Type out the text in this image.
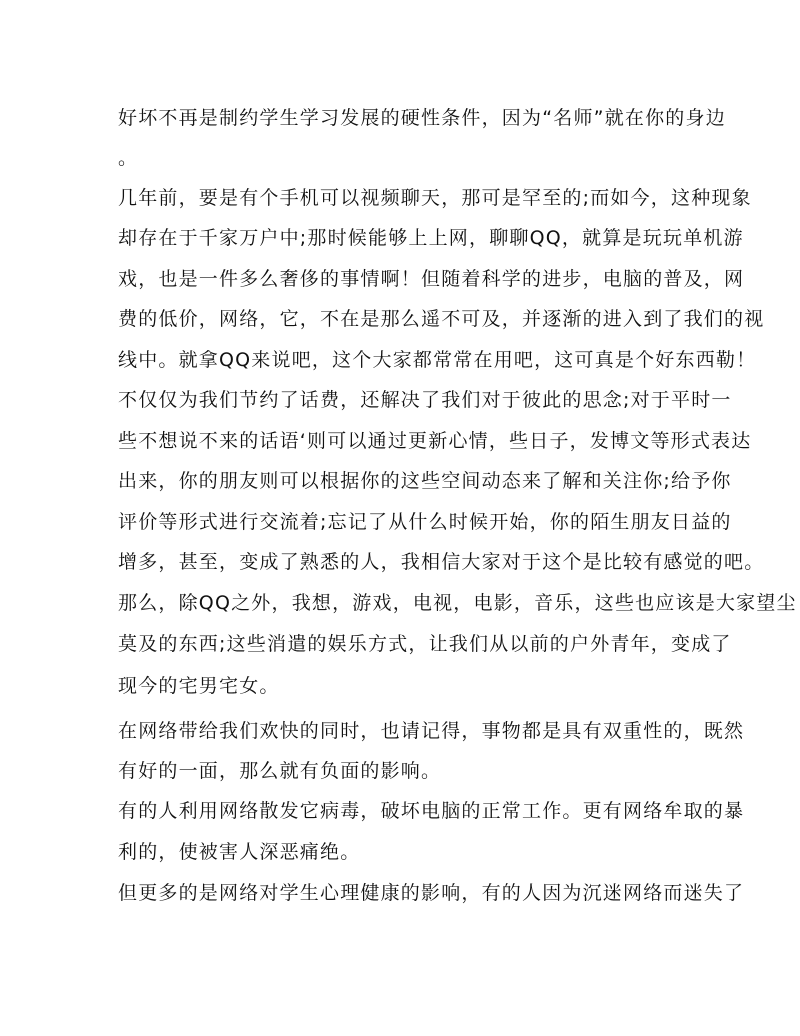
好坏不再是制约学生学习发展的硬性条件，因为“名师”就在你的身边
。
几年前，要是有个手机可以视频聊天，那可是罕至的;而如今，这种现象
却存在于千家万户中;那时候能够上上网，聊聊QQ，就算是玩玩单机游
戏，也是一件多么奢侈的事情啊！但随着科学的进步，电脑的普及，网
费的低价，网络，它，不在是那么遥不可及，并逐渐的进入到了我们的视
线中。就拿QQ来说吧，这个大家都常常在用吧，这可真是个好东西勒！
不仅仅为我们节约了话费，还解决了我们对于彼此的思念;对于平时一
些不想说不来的话语‘则可以通过更新心情，些日子，发博文等形式表达
出来，你的朋友则可以根据你的这些空间动态来了解和关注你;给予你
评价等形式进行交流着;忘记了从什么时候开始，你的陌生朋友日益的
增多，甚至，变成了熟悉的人，我相信大家对于这个是比较有感觉的吧。
那么，除QQ之外，我想，游戏，电视，电影，音乐，这些也应该是大家望尘
莫及的东西;这些消遣的娱乐方式，让我们从以前的户外青年，变成了
现今的宅男宅女。
在网络带给我们欢快的同时，也请记得，事物都是具有双重性的，既然
有好的一面，那么就有负面的影响。
有的人利用网络散发它病毒，破坏电脑的正常工作。更有网络牟取的暴
利的，使被害人深恶痛绝。
但更多的是网络对学生心理健康的影响，有的人因为沉迷网络而迷失了
